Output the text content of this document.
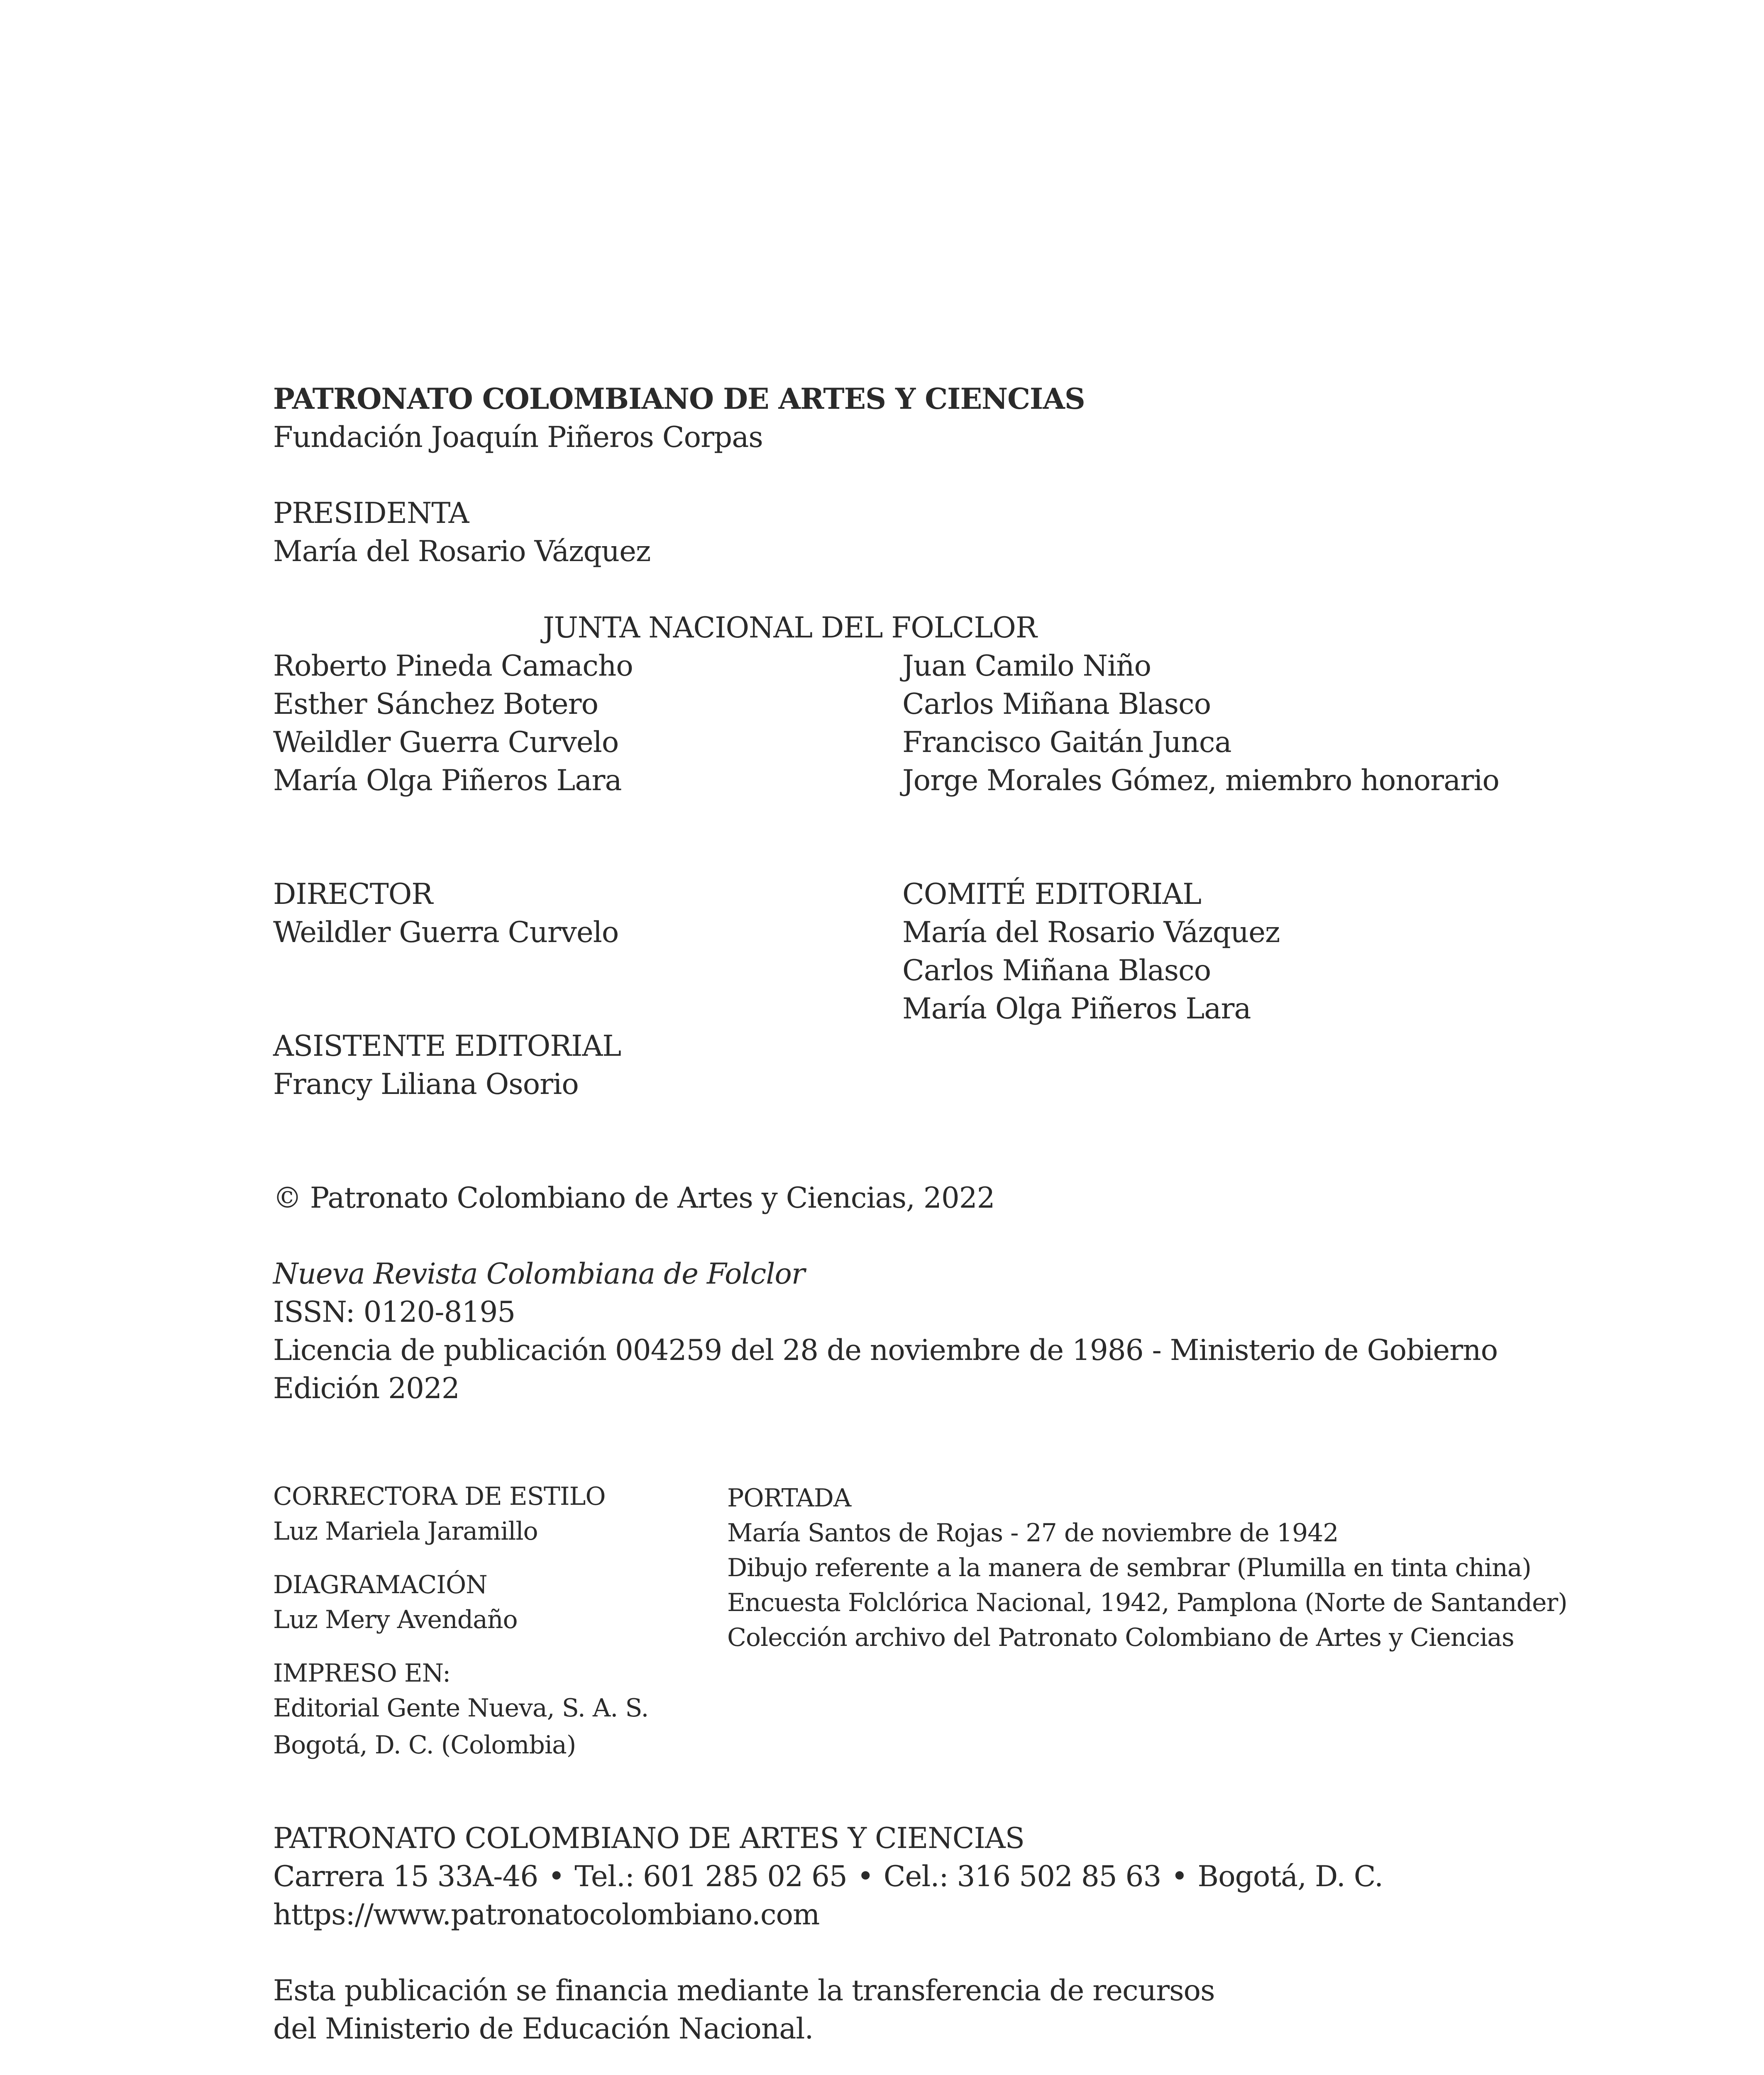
PATRONATO COLOMBIANO DE ARTES Y CIENCIAS

Fundación Joaquín Piñeros Corpas

PRESIDENTA

María del Rosario Vázquez

JUNTA NACIONAL DEL FOLCLOR

Roberto Pineda Camacho

Esther Sánchez Botero

Weildler Guerra Curvelo

María Olga Piñeros Lara

Juan Camilo Niño

Carlos Miñana Blasco

Francisco Gaitán Junca

Jorge Morales Gómez, miembro honorario

DIRECTOR

Weildler Guerra Curvelo

COMITÉ EDITORIAL

María del Rosario Vázquez

Carlos Miñana Blasco

María Olga Piñeros Lara

ASISTENTE EDITORIAL

Francy Liliana Osorio

© Patronato Colombiano de Artes y Ciencias, 2022

Nueva Revista Colombiana de Folclor

ISSN: 0120-8195

Licencia de publicación 004259 del 28 de noviembre de 1986 - Ministerio de Gobierno

Edición 2022

CORRECTORA DE ESTILO

Luz Mariela Jaramillo

DIAGRAMACIÓN

Luz Mery Avendaño

IMPRESO EN:

Editorial Gente Nueva, S. A. S.

Bogotá, D. C. (Colombia)

PORTADA

María Santos de Rojas - 27 de noviembre de 1942

Dibujo referente a la manera de sembrar (Plumilla en tinta china)

Encuesta Folclórica Nacional, 1942, Pamplona (Norte de Santander)

Colección archivo del Patronato Colombiano de Artes y Ciencias

PATRONATO COLOMBIANO DE ARTES Y CIENCIAS

Carrera 15 33A-46 • Tel.: 601 285 02 65 • Cel.: 316 502 85 63 • Bogotá, D. C.

https://www.patronatocolombiano.com

Esta publicación se financia mediante la transferencia de recursos

del Ministerio de Educación Nacional.
